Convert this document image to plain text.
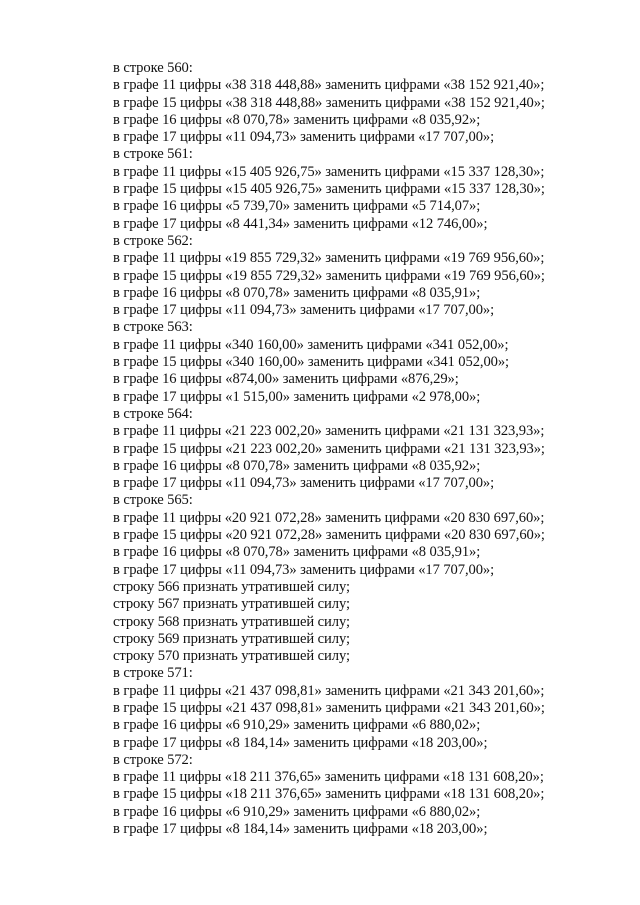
в строке 560:
в графе 11 цифры «38 318 448,88» заменить цифрами «38 152 921,40»;
в графе 15 цифры «38 318 448,88» заменить цифрами «38 152 921,40»;
в графе 16 цифры «8 070,78» заменить цифрами «8 035,92»;
в графе 17 цифры «11 094,73» заменить цифрами «17 707,00»;
в строке 561:
в графе 11 цифры «15 405 926,75» заменить цифрами «15 337 128,30»;
в графе 15 цифры «15 405 926,75» заменить цифрами «15 337 128,30»;
в графе 16 цифры «5 739,70» заменить цифрами «5 714,07»;
в графе 17 цифры «8 441,34» заменить цифрами «12 746,00»;
в строке 562:
в графе 11 цифры «19 855 729,32» заменить цифрами «19 769 956,60»;
в графе 15 цифры «19 855 729,32» заменить цифрами «19 769 956,60»;
в графе 16 цифры «8 070,78» заменить цифрами «8 035,91»;
в графе 17 цифры «11 094,73» заменить цифрами «17 707,00»;
в строке 563:
в графе 11 цифры «340 160,00» заменить цифрами «341 052,00»;
в графе 15 цифры «340 160,00» заменить цифрами «341 052,00»;
в графе 16 цифры «874,00» заменить цифрами «876,29»;
в графе 17 цифры «1 515,00» заменить цифрами «2 978,00»;
в строке 564:
в графе 11 цифры «21 223 002,20» заменить цифрами «21 131 323,93»;
в графе 15 цифры «21 223 002,20» заменить цифрами «21 131 323,93»;
в графе 16 цифры «8 070,78» заменить цифрами «8 035,92»;
в графе 17 цифры «11 094,73» заменить цифрами «17 707,00»;
в строке 565:
в графе 11 цифры «20 921 072,28» заменить цифрами «20 830 697,60»;
в графе 15 цифры «20 921 072,28» заменить цифрами «20 830 697,60»;
в графе 16 цифры «8 070,78» заменить цифрами «8 035,91»;
в графе 17 цифры «11 094,73» заменить цифрами «17 707,00»;
строку 566 признать утратившей силу;
строку 567 признать утратившей силу;
строку 568 признать утратившей силу;
строку 569 признать утратившей силу;
строку 570 признать утратившей силу;
в строке 571:
в графе 11 цифры «21 437 098,81» заменить цифрами «21 343 201,60»;
в графе 15 цифры «21 437 098,81» заменить цифрами «21 343 201,60»;
в графе 16 цифры «6 910,29» заменить цифрами «6 880,02»;
в графе 17 цифры «8 184,14» заменить цифрами «18 203,00»;
в строке 572:
в графе 11 цифры «18 211 376,65» заменить цифрами «18 131 608,20»;
в графе 15 цифры «18 211 376,65» заменить цифрами «18 131 608,20»;
в графе 16 цифры «6 910,29» заменить цифрами «6 880,02»;
в графе 17 цифры «8 184,14» заменить цифрами «18 203,00»;
